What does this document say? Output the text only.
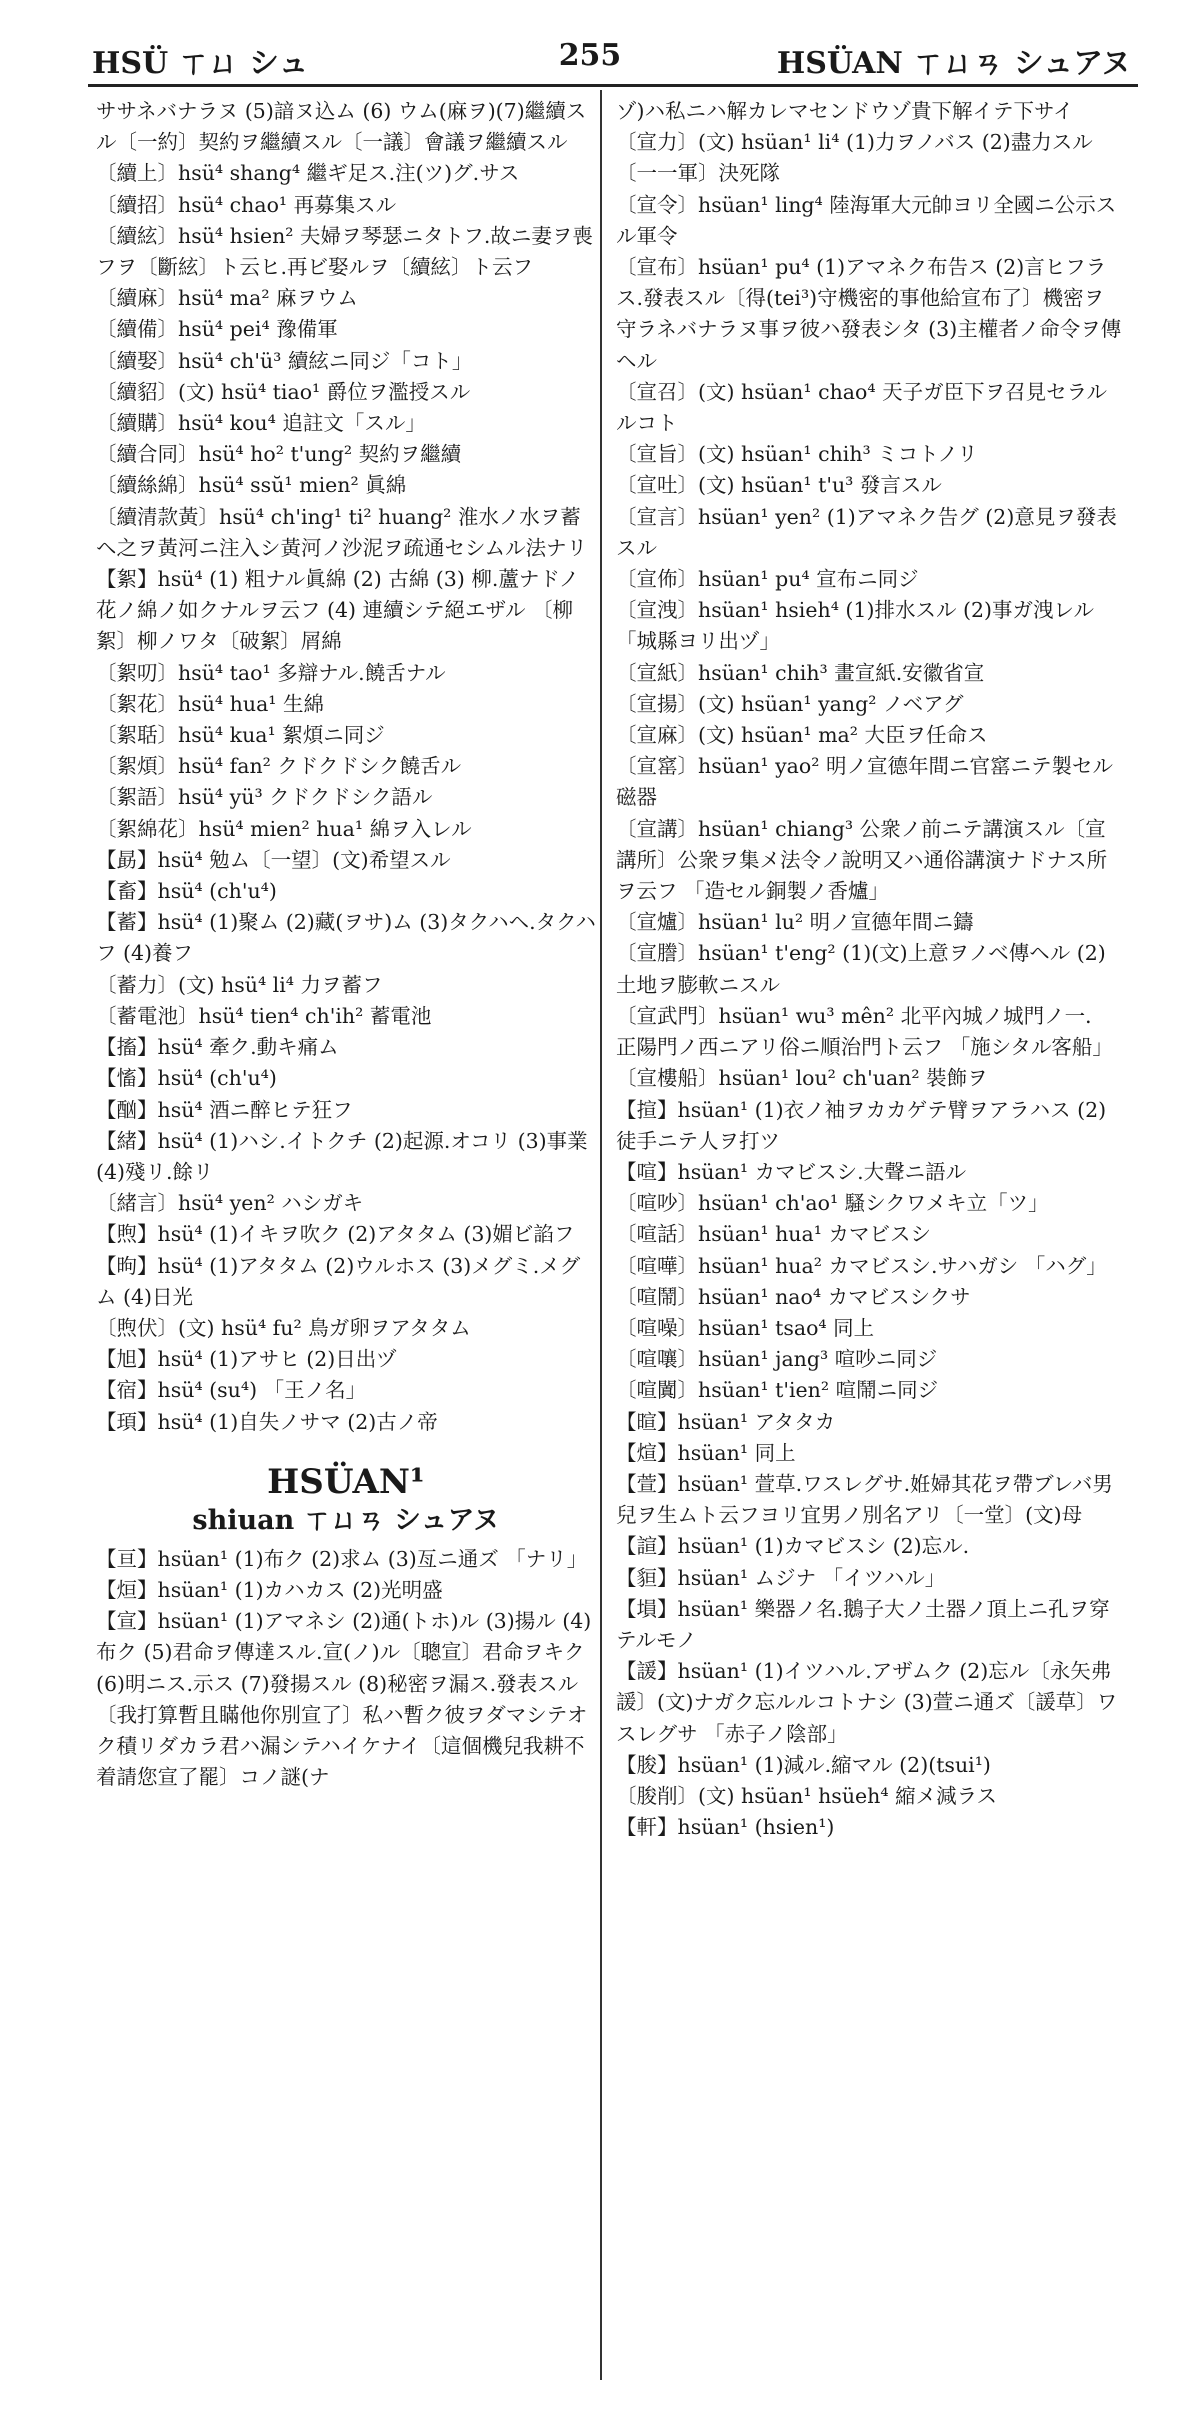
HSÜ ㄒㄩ シュ	255	HSÜAN ㄒㄩㄢ シュアヌ

ササネバナラヌ (5)諳ヌ込ム (6) ウム(麻ヲ)(7)繼續スル〔一約〕契約ヲ繼續スル〔一議〕會議ヲ繼續スル

〔續上〕hsü⁴ shang⁴ 繼ギ足ス.注(ツ)グ.サス

〔續招〕hsü⁴ chao¹ 再募集スル

〔續絃〕hsü⁴ hsien² 夫婦ヲ琴瑟ニタトフ.故ニ妻ヲ喪フヲ〔斷絃〕ト云ヒ.再ビ娶ルヲ〔續絃〕ト云フ

〔續麻〕hsü⁴ ma² 麻ヲウム

〔續備〕hsü⁴ pei⁴ 豫備軍

〔續娶〕hsü⁴ ch'ü³ 續絃ニ同ジ「コト」

〔續貂〕(文) hsü⁴ tiao¹ 爵位ヲ濫授スル

〔續購〕hsü⁴ kou⁴ 追註文「スル」

〔續合同〕hsü⁴ ho² t'ung² 契約ヲ繼續

〔續絲綿〕hsü⁴ ssŭ¹ mien² 眞綿

〔續清款黃〕hsü⁴ ch'ing¹ ti² huang² 淮水ノ水ヲ蓄ヘ之ヲ黃河ニ注入シ黃河ノ沙泥ヲ疏通セシムル法ナリ

【絮】hsü⁴ (1) 粗ナル眞綿 (2) 古綿 (3) 柳.蘆ナドノ花ノ綿ノ如クナルヲ云フ (4) 連續シテ絕エザル 〔柳絮〕柳ノワタ〔破絮〕屑綿

〔絮叨〕hsü⁴ tao¹ 多辯ナル.饒舌ナル

〔絮花〕hsü⁴ hua¹ 生綿

〔絮聒〕hsü⁴ kua¹ 絮煩ニ同ジ

〔絮煩〕hsü⁴ fan² クドクドシク饒舌ル

〔絮語〕hsü⁴ yü³ クドクドシク語ル

〔絮綿花〕hsü⁴ mien² hua¹ 綿ヲ入レル

【勗】hsü⁴ 勉ム〔一望〕(文)希望スル

【畜】hsü⁴ (ch'u⁴)

【蓄】hsü⁴ (1)聚ム (2)藏(ヲサ)ム (3)タクハヘ.タクハフ (4)養フ

〔蓄力〕(文) hsü⁴ li⁴ 力ヲ蓄フ

〔蓄電池〕hsü⁴ tien⁴ ch'ih² 蓄電池

【搐】hsü⁴ 牽ク.動キ痛ム

【慉】hsü⁴ (ch'u⁴)

【酗】hsü⁴ 酒ニ醉ヒテ狂フ

【緒】hsü⁴ (1)ハシ.イトクチ (2)起源.オコリ (3)事業 (4)殘リ.餘リ

〔緒言〕hsü⁴ yen² ハシガキ

【煦】hsü⁴ (1)イキヲ吹ク (2)アタタム (3)媚ビ諂フ

【昫】hsü⁴ (1)アタタム (2)ウルホス (3)メグミ.メグム (4)日光

〔煦伏〕(文) hsü⁴ fu² 鳥ガ卵ヲアタタム

【旭】hsü⁴ (1)アサヒ (2)日出ヅ

【宿】hsü⁴ (su⁴) 「王ノ名」

【頊】hsü⁴ (1)自失ノサマ (2)古ノ帝

HSÜAN¹
shiuan ㄒㄩㄢ シュアヌ

【亘】hsüan¹ (1)布ク (2)求ム (3)亙ニ通ズ 「ナリ」

【烜】hsüan¹ (1)カハカス (2)光明盛

【宣】hsüan¹ (1)アマネシ (2)通(トホ)ル (3)揚ル (4)布ク (5)君命ヲ傳達スル.宣(ノ)ル〔聰宣〕君命ヲキク (6)明ニス.示ス (7)發揚スル (8)秘密ヲ漏ス.發表スル〔我打算暫且瞞他你別宣了〕私ハ暫ク彼ヲダマシテオク積リダカラ君ハ漏シテハイケナイ〔這個機兒我耕不着請您宣了罷〕コノ謎(ナ

ゾ)ハ私ニハ解カレマセンドウゾ貴下解イテ下サイ

〔宣力〕(文) hsüan¹ li⁴ (1)力ヲノバス (2)盡力スル〔一一軍〕決死隊

〔宣令〕hsüan¹ ling⁴ 陸海軍大元帥ヨリ全國ニ公示スル軍令

〔宣布〕hsüan¹ pu⁴ (1)アマネク布告ス (2)言ヒフラス.發表スル〔得(tei³)守機密的事他給宣布了〕機密ヲ守ラネバナラヌ事ヲ彼ハ發表シタ (3)主權者ノ命令ヲ傳ヘル

〔宣召〕(文) hsüan¹ chao⁴ 天子ガ臣下ヲ召見セラルルコト

〔宣旨〕(文) hsüan¹ chih³ ミコトノリ

〔宣吐〕(文) hsüan¹ t'u³ 發言スル

〔宣言〕hsüan¹ yen² (1)アマネク告グ (2)意見ヲ發表スル

〔宣佈〕hsüan¹ pu⁴ 宣布ニ同ジ

〔宣洩〕hsüan¹ hsieh⁴ (1)排水スル (2)事ガ洩レル 「城縣ヨリ出ヅ」

〔宣紙〕hsüan¹ chih³ 畫宣紙.安徽省宣

〔宣揚〕(文) hsüan¹ yang² ノベアグ

〔宣麻〕(文) hsüan¹ ma² 大臣ヲ任命ス

〔宣窰〕hsüan¹ yao² 明ノ宣德年間ニ官窰ニテ製セル磁器

〔宣講〕hsüan¹ chiang³ 公衆ノ前ニテ講演スル〔宣講所〕公衆ヲ集メ法令ノ說明又ハ通俗講演ナドナス所ヲ云フ 「造セル銅製ノ香爐」

〔宣爐〕hsüan¹ lu² 明ノ宣德年間ニ鑄

〔宣謄〕hsüan¹ t'eng² (1)(文)上意ヲノベ傳ヘル (2)土地ヲ膨軟ニスル

〔宣武門〕hsüan¹ wu³ mên² 北平內城ノ城門ノ一．正陽門ノ西ニアリ俗ニ順治門ト云フ 「施シタル客船」

〔宣樓船〕hsüan¹ lou² ch'uan² 裝飾ヲ

【揎】hsüan¹ (1)衣ノ袖ヲカカゲテ臂ヲアラハス (2)徒手ニテ人ヲ打ツ

【喧】hsüan¹ カマビスシ.大聲ニ語ル

〔喧吵〕hsüan¹ ch'ao¹ 騷シクワメキ立「ツ」

〔喧話〕hsüan¹ hua¹ カマビスシ

〔喧嘩〕hsüan¹ hua² カマビスシ.サハガシ 「ハグ」

〔喧鬧〕hsüan¹ nao⁴ カマビスシクサ

〔喧噪〕hsüan¹ tsao⁴ 同上

〔喧嚷〕hsüan¹ jang³ 喧吵ニ同ジ

〔喧闐〕hsüan¹ t'ien² 喧鬧ニ同ジ

【暄】hsüan¹ アタタカ

【煊】hsüan¹ 同上

【萱】hsüan¹ 萱草.ワスレグサ.姙婦其花ヲ帶ブレバ男兒ヲ生ムト云フヨリ宜男ノ別名アリ〔一堂〕(文)母

【諠】hsüan¹ (1)カマビスシ (2)忘ル.

【貆】hsüan¹ ムジナ 「イツハル」

【塤】hsüan¹ 樂器ノ名.鵝子大ノ土器ノ頂上ニ孔ヲ穿テルモノ

【諼】hsüan¹ (1)イツハル.アザムク (2)忘ル〔永矢弗諼〕(文)ナガク忘ルルコトナシ (3)萱ニ通ズ〔諼草〕ワスレグサ 「赤子ノ陰部」

【朘】hsüan¹ (1)減ル.縮マル (2)(tsui¹)

〔朘削〕(文) hsüan¹ hsüeh⁴ 縮メ減ラス

【軒】hsüan¹ (hsien¹)
